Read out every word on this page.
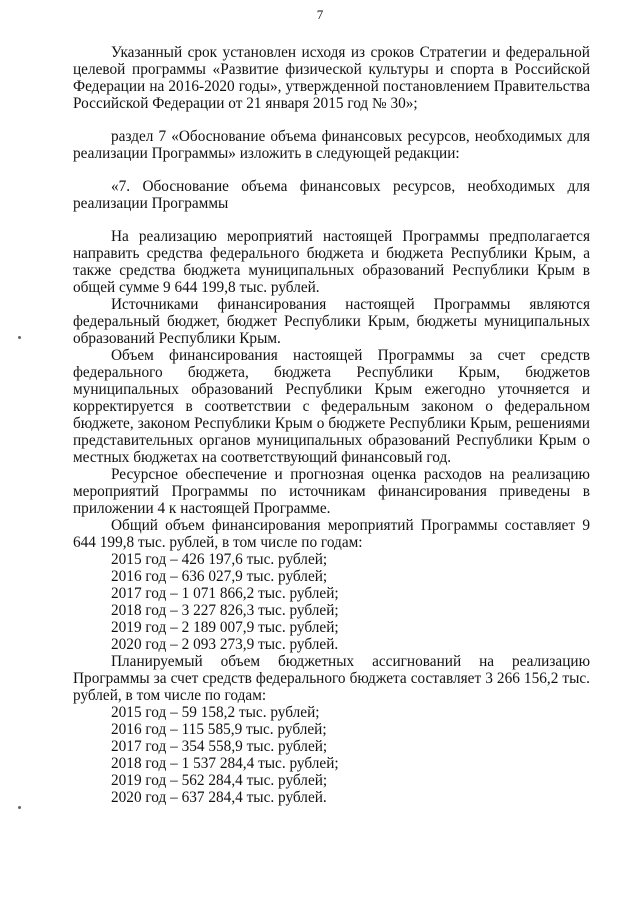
7

Указанный срок установлен исходя из сроков Стратегии и федеральной целевой программы «Развитие физической культуры и спорта в Российской Федерации на 2016-2020 годы», утвержденной постановлением Правительства Российской Федерации от 21 января 2015 год № 30»;

раздел 7 «Обоснование объема финансовых ресурсов, необходимых для реализации Программы» изложить в следующей редакции:

«7. Обоснование объема финансовых ресурсов, необходимых для реализации Программы

На реализацию мероприятий настоящей Программы предполагается направить средства федерального бюджета и бюджета Республики Крым, а также средства бюджета муниципальных образований Республики Крым в общей сумме 9 644 199,8 тыс. рублей.

Источниками финансирования настоящей Программы являются федеральный бюджет, бюджет Республики Крым, бюджеты муниципальных образований Республики Крым.

Объем финансирования настоящей Программы за счет средств федерального бюджета, бюджета Республики Крым, бюджетов муниципальных образований Республики Крым ежегодно уточняется и корректируется в соответствии с федеральным законом о федеральном бюджете, законом Республики Крым о бюджете Республики Крым, решениями представительных органов муниципальных образований Республики Крым о местных бюджетах на соответствующий финансовый год.

Ресурсное обеспечение и прогнозная оценка расходов на реализацию мероприятий Программы по источникам финансирования приведены в приложении 4 к настоящей Программе.

Общий объем финансирования мероприятий Программы составляет 9 644 199,8 тыс. рублей, в том числе по годам:

2015 год – 426 197,6 тыс. рублей;
2016 год – 636 027,9 тыс. рублей;
2017 год – 1 071 866,2 тыс. рублей;
2018 год – 3 227 826,3 тыс. рублей;
2019 год – 2 189 007,9 тыс. рублей;
2020 год – 2 093 273,9 тыс. рублей.

Планируемый объем бюджетных ассигнований на реализацию Программы за счет средств федерального бюджета составляет 3 266 156,2 тыс. рублей, в том числе по годам:

2015 год – 59 158,2 тыс. рублей;
2016 год – 115 585,9 тыс. рублей;
2017 год – 354 558,9 тыс. рублей;
2018 год – 1 537 284,4 тыс. рублей;
2019 год – 562 284,4 тыс. рублей;
2020 год – 637 284,4 тыс. рублей.
